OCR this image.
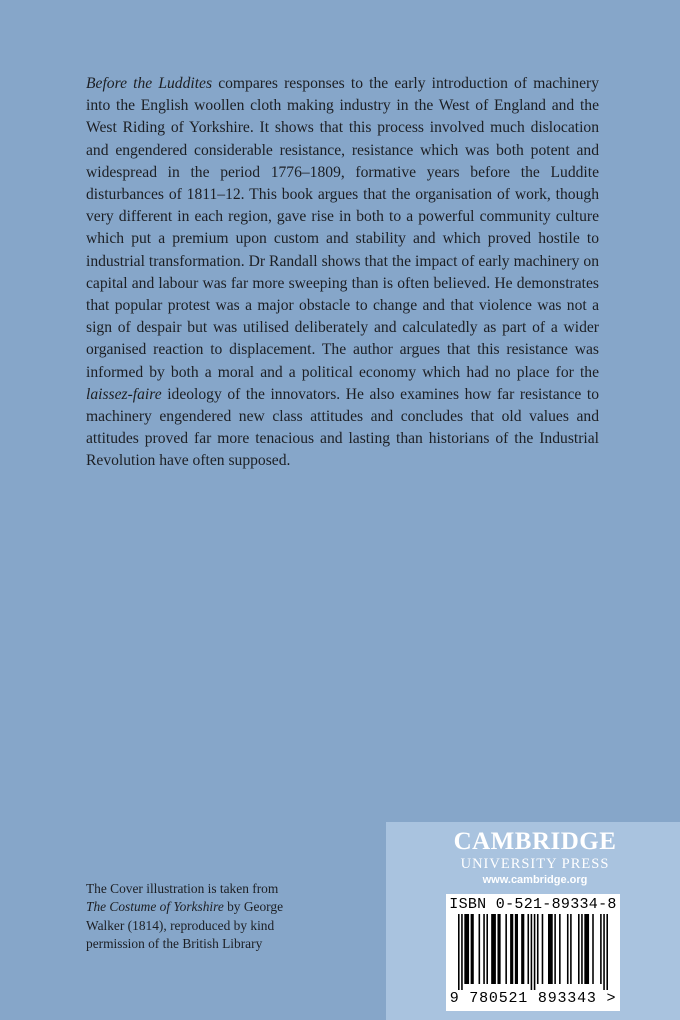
Before the Luddites compares responses to the early introduction of machinery into the English woollen cloth making industry in the West of England and the West Riding of Yorkshire. It shows that this process involved much dislocation and engendered considerable resistance, resistance which was both potent and widespread in the period 1776–1809, formative years before the Luddite disturbances of 1811–12. This book argues that the organisation of work, though very different in each region, gave rise in both to a powerful community culture which put a premium upon custom and stability and which proved hostile to industrial transformation. Dr Randall shows that the impact of early machinery on capital and labour was far more sweeping than is often believed. He demonstrates that popular protest was a major obstacle to change and that violence was not a sign of despair but was utilised deliberately and calculatedly as part of a wider organised reaction to displacement. The author argues that this resistance was informed by both a moral and a political economy which had no place for the laissez-faire ideology of the innovators. He also examines how far resistance to machinery engendered new class attitudes and concludes that old values and attitudes proved far more tenacious and lasting than historians of the Industrial Revolution have often supposed.

The Cover illustration is taken from The Costume of Yorkshire by George Walker (1814), reproduced by kind permission of the British Library

CAMBRIDGE
UNIVERSITY PRESS
www.cambridge.org
ISBN 0-521-89334-8
9 780521 893343 >
